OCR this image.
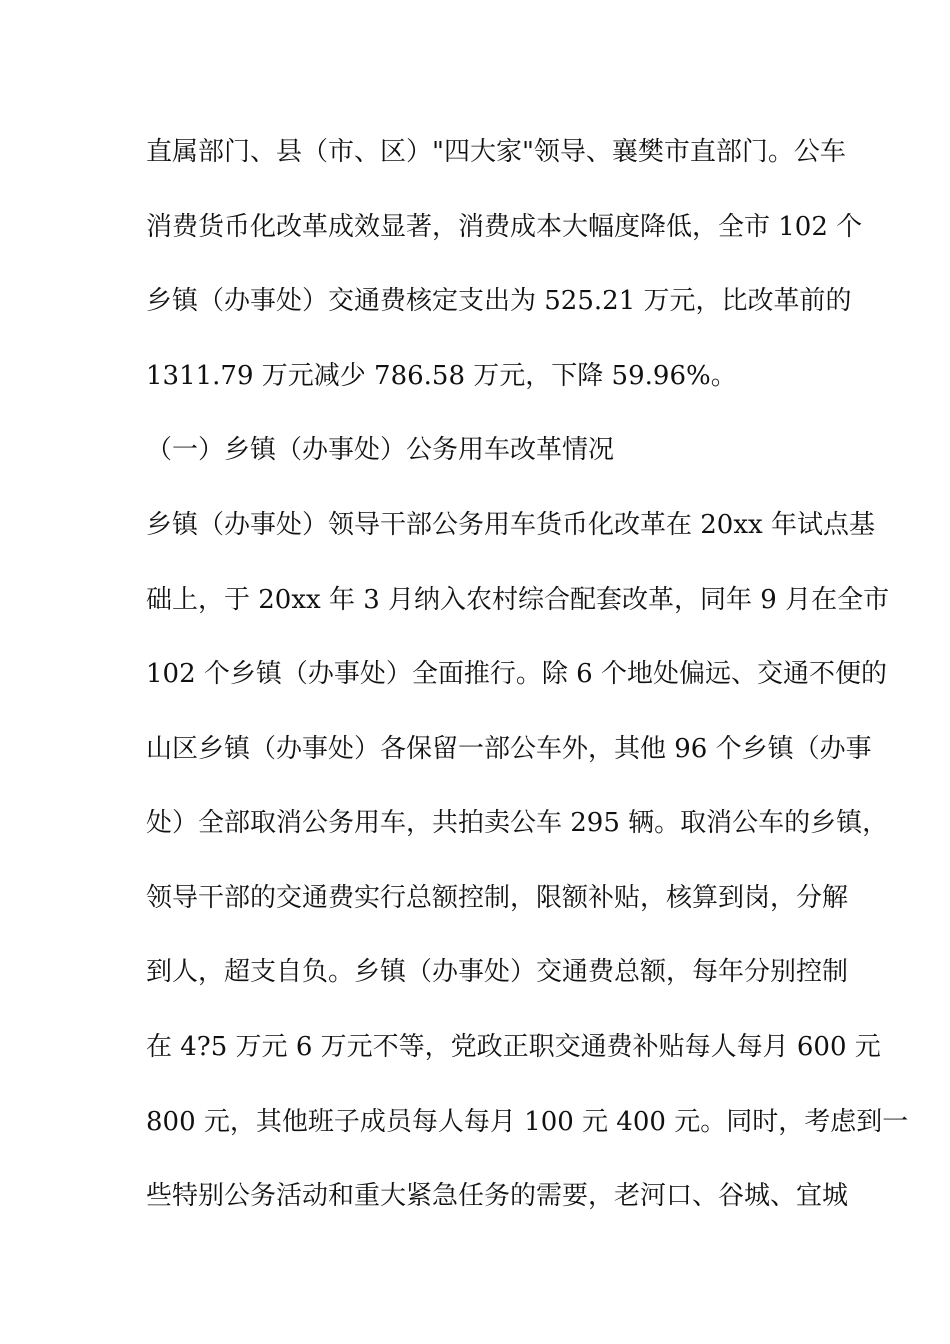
直属部门、县（市、区）"四大家"领导、襄樊市直部门。公车

消费货币化改革成效显著，消费成本大幅度降低，全市 102 个

乡镇（办事处）交通费核定支出为 525.21 万元，比改革前的

1311.79 万元减少 786.58 万元，下降 59.96%。

（一）乡镇（办事处）公务用车改革情况

乡镇（办事处）领导干部公务用车货币化改革在 20xx 年试点基

础上，于 20xx 年 3 月纳入农村综合配套改革，同年 9 月在全市

102 个乡镇（办事处）全面推行。除 6 个地处偏远、交通不便的

山区乡镇（办事处）各保留一部公车外，其他 96 个乡镇（办事

处）全部取消公务用车，共拍卖公车 295 辆。取消公车的乡镇，

领导干部的交通费实行总额控制，限额补贴，核算到岗，分解

到人，超支自负。乡镇（办事处）交通费总额，每年分别控制

在 4?5 万元 6 万元不等，党政正职交通费补贴每人每月 600 元

800 元，其他班子成员每人每月 100 元 400 元。同时，考虑到一

些特别公务活动和重大紧急任务的需要，老河口、谷城、宜城
